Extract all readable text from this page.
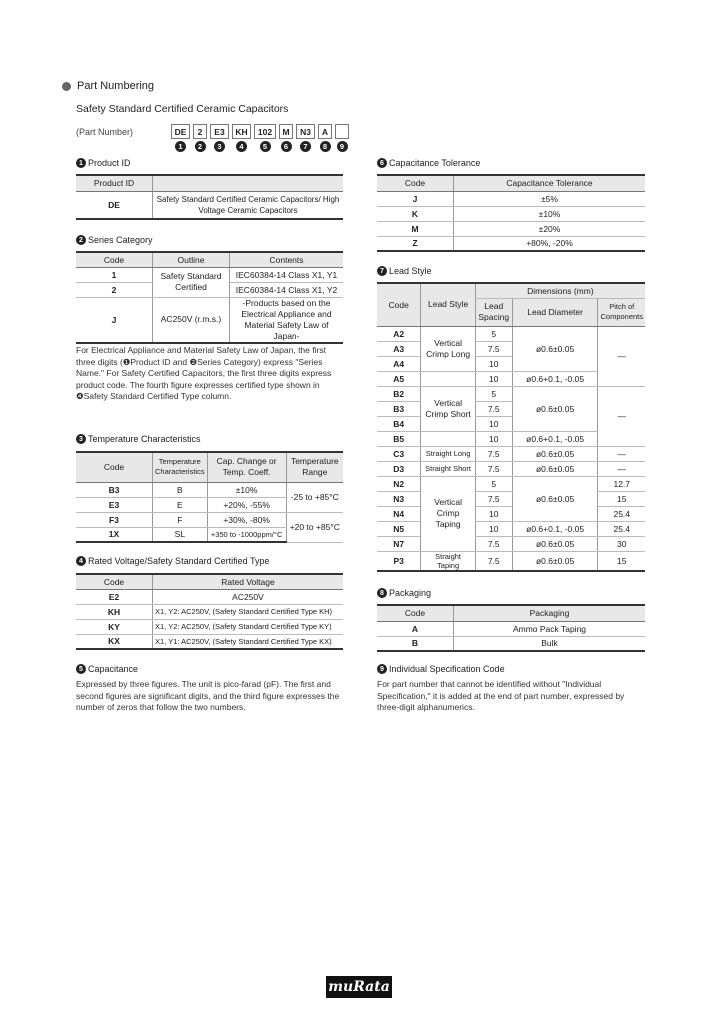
Part Numbering
Safety Standard Certified Ceramic Capacitors
(Part Number)	DE	2	E3	KH	102	M	N3	A
1	2	3	4	5	6	7	8	9
1 Product ID
Product ID	
DE	Safety Standard Certified Ceramic Capacitors/ High Voltage Ceramic Capacitors
2 Series Category
Code	Outline	Contents
1	Safety Standard Certified	IEC60384-14 Class X1, Y1
2		IEC60384-14 Class X1, Y2
J	AC250V (r.m.s.)	-Products based on the Electrical Appliance and Material Safety Law of Japan-
For Electrical Appliance and Material Safety Law of Japan, the first three digits (❶Product ID and ❷Series Category) express "Series Name." For Safety Certified Capacitors, the first three digits express product code. The fourth figure expresses certified type shown in ❹Safety Standard Certified Type column.
3 Temperature Characteristics
Code	Temperature Characteristics	Cap. Change or Temp. Coeff.	Temperature Range
B3	B	±10%	-25 to +85°C
E3	E	+20%, -55%	
F3	F	+30%, -80%	+20 to +85°C
1X	SL	+350 to -1000ppm/°C	
4 Rated Voltage/Safety Standard Certified Type
Code	Rated Voltage
E2	AC250V
KH	X1, Y2: AC250V, (Safety Standard Certified Type KH)
KY	X1, Y2: AC250V, (Safety Standard Certified Type KY)
KX	X1, Y1: AC250V, (Safety Standard Certified Type KX)
5 Capacitance
Expressed by three figures. The unit is pico-farad (pF). The first and second figures are significant digits, and the third figure expresses the number of zeros that follow the two numbers.
6 Capacitance Tolerance
Code	Capacitance Tolerance
J	±5%
K	±10%
M	±20%
Z	+80%, -20%
7 Lead Style
Code	Lead Style	Dimensions (mm)		
		Lead Spacing	Lead Diameter	Pitch of Components
A2	Vertical Crimp Long	5	ø0.6±0.05	—
A3		7.5		
A4		10		
A5		10	ø0.6+0.1, -0.05	
B2	Vertical Crimp Short	5	ø0.6±0.05	—
B3		7.5		
B4		10		
B5		10	ø0.6+0.1, -0.05	
C3	Straight Long	7.5	ø0.6±0.05	—
D3	Straight Short	7.5	ø0.6±0.05	—
N2	Vertical Crimp Taping	5	ø0.6±0.05	12.7
N3		7.5		15
N4		10		25.4
N5		10	ø0.6+0.1, -0.05	25.4
N7		7.5	ø0.6±0.05	30
P3	Straight Taping	7.5	ø0.6±0.05	15
8 Packaging
Code	Packaging
A	Ammo Pack Taping
B	Bulk
9 Individual Specification Code
For part number that cannot be identified without "Individual Specification," it is added at the end of part number, expressed by three-digit alphanumerics.
muRata
